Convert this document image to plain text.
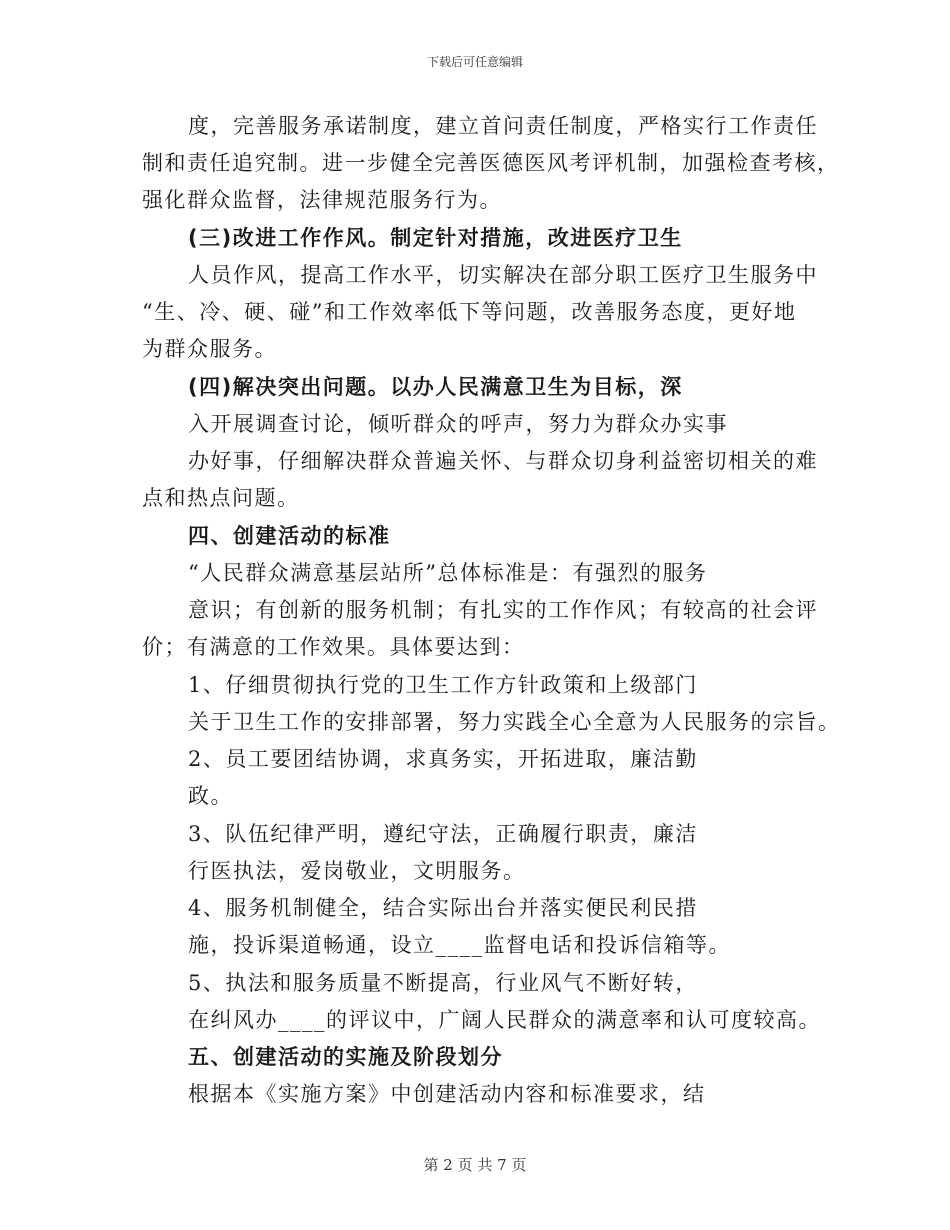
下载后可任意编辑
度，完善服务承诺制度，建立首问责任制度，严格实行工作责任
制和责任追究制。进一步健全完善医德医风考评机制，加强检查考核，
强化群众监督，法律规范服务行为。
(三)改进工作作风。制定针对措施，改进医疗卫生
人员作风，提高工作水平，切实解决在部分职工医疗卫生服务中
“生、冷、硬、碰”和工作效率低下等问题，改善服务态度，更好地
为群众服务。
(四)解决突出问题。以办人民满意卫生为目标，深
入开展调查讨论，倾听群众的呼声，努力为群众办实事
办好事，仔细解决群众普遍关怀、与群众切身利益密切相关的难
点和热点问题。
四、创建活动的标准
“人民群众满意基层站所”总体标准是：有强烈的服务
意识；有创新的服务机制；有扎实的工作作风；有较高的社会评
价；有满意的工作效果。具体要达到：
1、仔细贯彻执行党的卫生工作方针政策和上级部门
关于卫生工作的安排部署，努力实践全心全意为人民服务的宗旨。
2、员工要团结协调，求真务实，开拓进取，廉洁勤
政。
3、队伍纪律严明，遵纪守法，正确履行职责，廉洁
行医执法，爱岗敬业，文明服务。
4、服务机制健全，结合实际出台并落实便民利民措
施，投诉渠道畅通，设立____监督电话和投诉信箱等。
5、执法和服务质量不断提高，行业风气不断好转，
在纠风办____的评议中，广阔人民群众的满意率和认可度较高。
五、创建活动的实施及阶段划分
根据本《实施方案》中创建活动内容和标准要求，结
第 2 页 共 7 页
